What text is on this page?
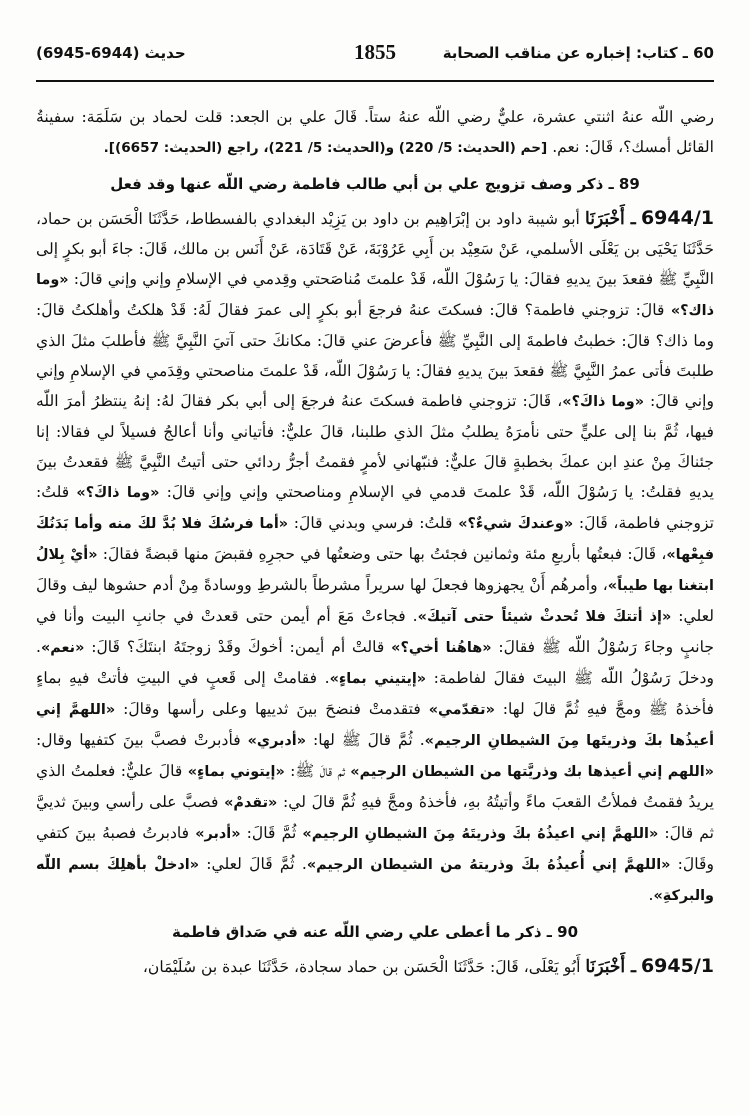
60 ـ كتاب: إخباره عن مناقب الصحابة
1855
حديث (6944-6945)

رضي اللّه عنهُ اثنتي عشرة، عليٌّ رضي اللّه عنهُ ستاً. قَالَ علي بن الجعد: قلت لحماد بن سَلَمَة: سفينةُ القائل أمسك؟، قَالَ: نعم. [حم (الحديث: 5/ 220) و(الحديث: 5/ 221)، راجع (الحديث: 6657)].

89 ـ ذكر وصف تزويج علي بن أبي طالب فاطمة رضي اللّه عنها وقد فعل

6944/1 ـ أَخْبَرَنَا أبو شيبة داود بن إبْرَاهِيم بن داود بن يَزِيْد البغدادي بالفسطاط، حَدَّثَنَا الْحَسَن بن حماد، حَدَّثَنَا يَحْيَى بن يَعْلَى الأسلمي، عَنْ سَعِيْد بن أَبِي عَرُوْبَةَ، عَنْ قَتَادَة، عَنْ أَنَس بن مالك، قَالَ: جاءَ أبو بكرٍ إلى النَّبِيِّ ﷺ فقعدَ بينَ يديهِ فقالَ: يا رَسُوْلَ اللّه، قَدْ علمتَ مُناصَحتي وقِدمي في الإسلامِ وإني وإني قالَ: «وما ذاك؟» قالَ: تزوجني فاطمة؟ قالَ: فسكتَ عنهُ فرجعَ أبو بكرٍ إلى عمرَ فقالَ لَهُ: قَدْ هلكتُ وأهلكتُ قالَ: وما ذاك؟ قالَ: خطبتُ فاطمةَ إلى النَّبِيِّ ﷺ فأعرضَ عني قالَ: مكانكَ حتى آتيَ النَّبِيَّ ﷺ فأطلبَ مثلَ الذي طلبتَ فأتى عمرُ النَّبِيَّ ﷺ فقعدَ بينَ يديهِ فقالَ: يا رَسُوْلَ اللّه، قَدْ علمتَ مناصحتي وقِدَمي في الإسلامِ وإني وإني قالَ: «وما ذاكَ؟»، قَالَ: تزوجني فاطمة فسكتَ عنهُ فرجعَ إلى أبي بكر فقالَ لهُ: إنهُ ينتظرُ أمرَ اللّه فيها، ثُمَّ بنا إلى عليٍّ حتى نأمرَهُ يطلبُ مثلَ الذي طلبنا، قالَ عليٌّ: فأتياني وأنا أعالجُ فسيلاً لي فقالا: إنا جئناكَ مِنْ عندِ ابن عمكَ بخطبةٍ قالَ عليٌّ: فنبّهاني لأمرٍ فقمتُ أجرُّ ردائي حتى أتيتُ النَّبِيَّ ﷺ فقعدتُ بينَ يديهِ فقلتُ: يا رَسُوْلَ اللّه، قَدْ علمتَ قدمي في الإسلامِ ومناصحتي وإني وإني قالَ: «وما ذاكَ؟» قلتُ: تزوجني فاطمة، قَالَ: «وعندكَ شيءٌ؟» قلتُ: فرسي وبدني قالَ: «أما فرسُكَ فلا بُدَّ لكَ منه وأما بَدَنُكَ فبِعْها»، قَالَ: فبعتُها بأربعِ مئة وثمانين فجئتُ بها حتى وضعتُها في حجرِهِ فقبضَ منها قبضةً فقالَ: «أيْ بِلالُ ابتغنا بها طيباً»، وأمرهُم أَنْ يجهزوها فجعلَ لها سريراً مشرطاً بالشرطِ ووسادةً مِنْ أدم حشوها ليف وقالَ لعلي: «إذ أتتكَ فلا تُحدثْ شيئاً حتى آتيكَ». فجاءتْ مَعَ أم أيمن حتى قعدتْ في جانبِ البيت وأنا في جانبٍ وجاءَ رَسُوْلُ اللّه ﷺ فقالَ: «هاهُنا أخي؟» قالتْ أم أيمن: أخوكَ وقَدْ زوجتَهُ ابنتَكَ؟ قَالَ: «نعم». ودخلَ رَسُوْلُ اللّه ﷺ البيتَ فقالَ لفاطمة: «إيتيني بماءٍ». فقامتْ إلى قَعبٍ في البيتِ فأتتْ فيهِ بماءٍ فأخذهُ ﷺ ومجَّ فيهِ ثُمَّ قالَ لها: «تقدّمي» فتقدمتْ فنضحَ بينَ ثدييها وعلى رأسها وقالَ: «اللهمَّ إني أعيذُها بكَ وذريتَها مِنَ الشيطانِ الرجيم». ثُمَّ قالَ ﷺ لها: «أدبري» فأدبرتْ فصبَّ بينَ كتفيها وقال: «اللهم إني أعيذها بك وذريَّتها من الشيطان الرجيم» ثم قالَ ﷺ: «إيتوني بماءٍ» قالَ عليٌّ: فعلمتُ الذي يريدُ فقمتُ فملأتُ القعبَ ماءً وأتيتُهُ بهِ، فأخذهُ ومجَّ فيهِ ثُمَّ قالَ لي: «تقدمْ» فصبَّ على رأسي وبينَ ثدييَّ ثم قالَ: «اللهمَّ إني اعيذُهُ بكَ وذريتَهُ مِنَ الشيطانِ الرجيم» ثُمَّ قَالَ: «أدبر» فادبرتُ فصبهُ بينَ كتفي وقَالَ: «اللهمَّ إني أُعيذُهُ بكَ وذريتهُ من الشيطان الرجيم». ثُمَّ قَالَ لعلي: «ادخلْ بأهلِكَ بسم اللّه والبركةِ».

90 ـ ذكر ما أعطى علي رضي اللّه عنه في صَداق فاطمة

6945/1 ـ أَخْبَرَنَا أَبُو يَعْلَى، قَالَ: حَدَّثَنَا الْحَسَن بن حماد سجادة، حَدَّثَنَا عبدة بن سُلَيْمَان،
